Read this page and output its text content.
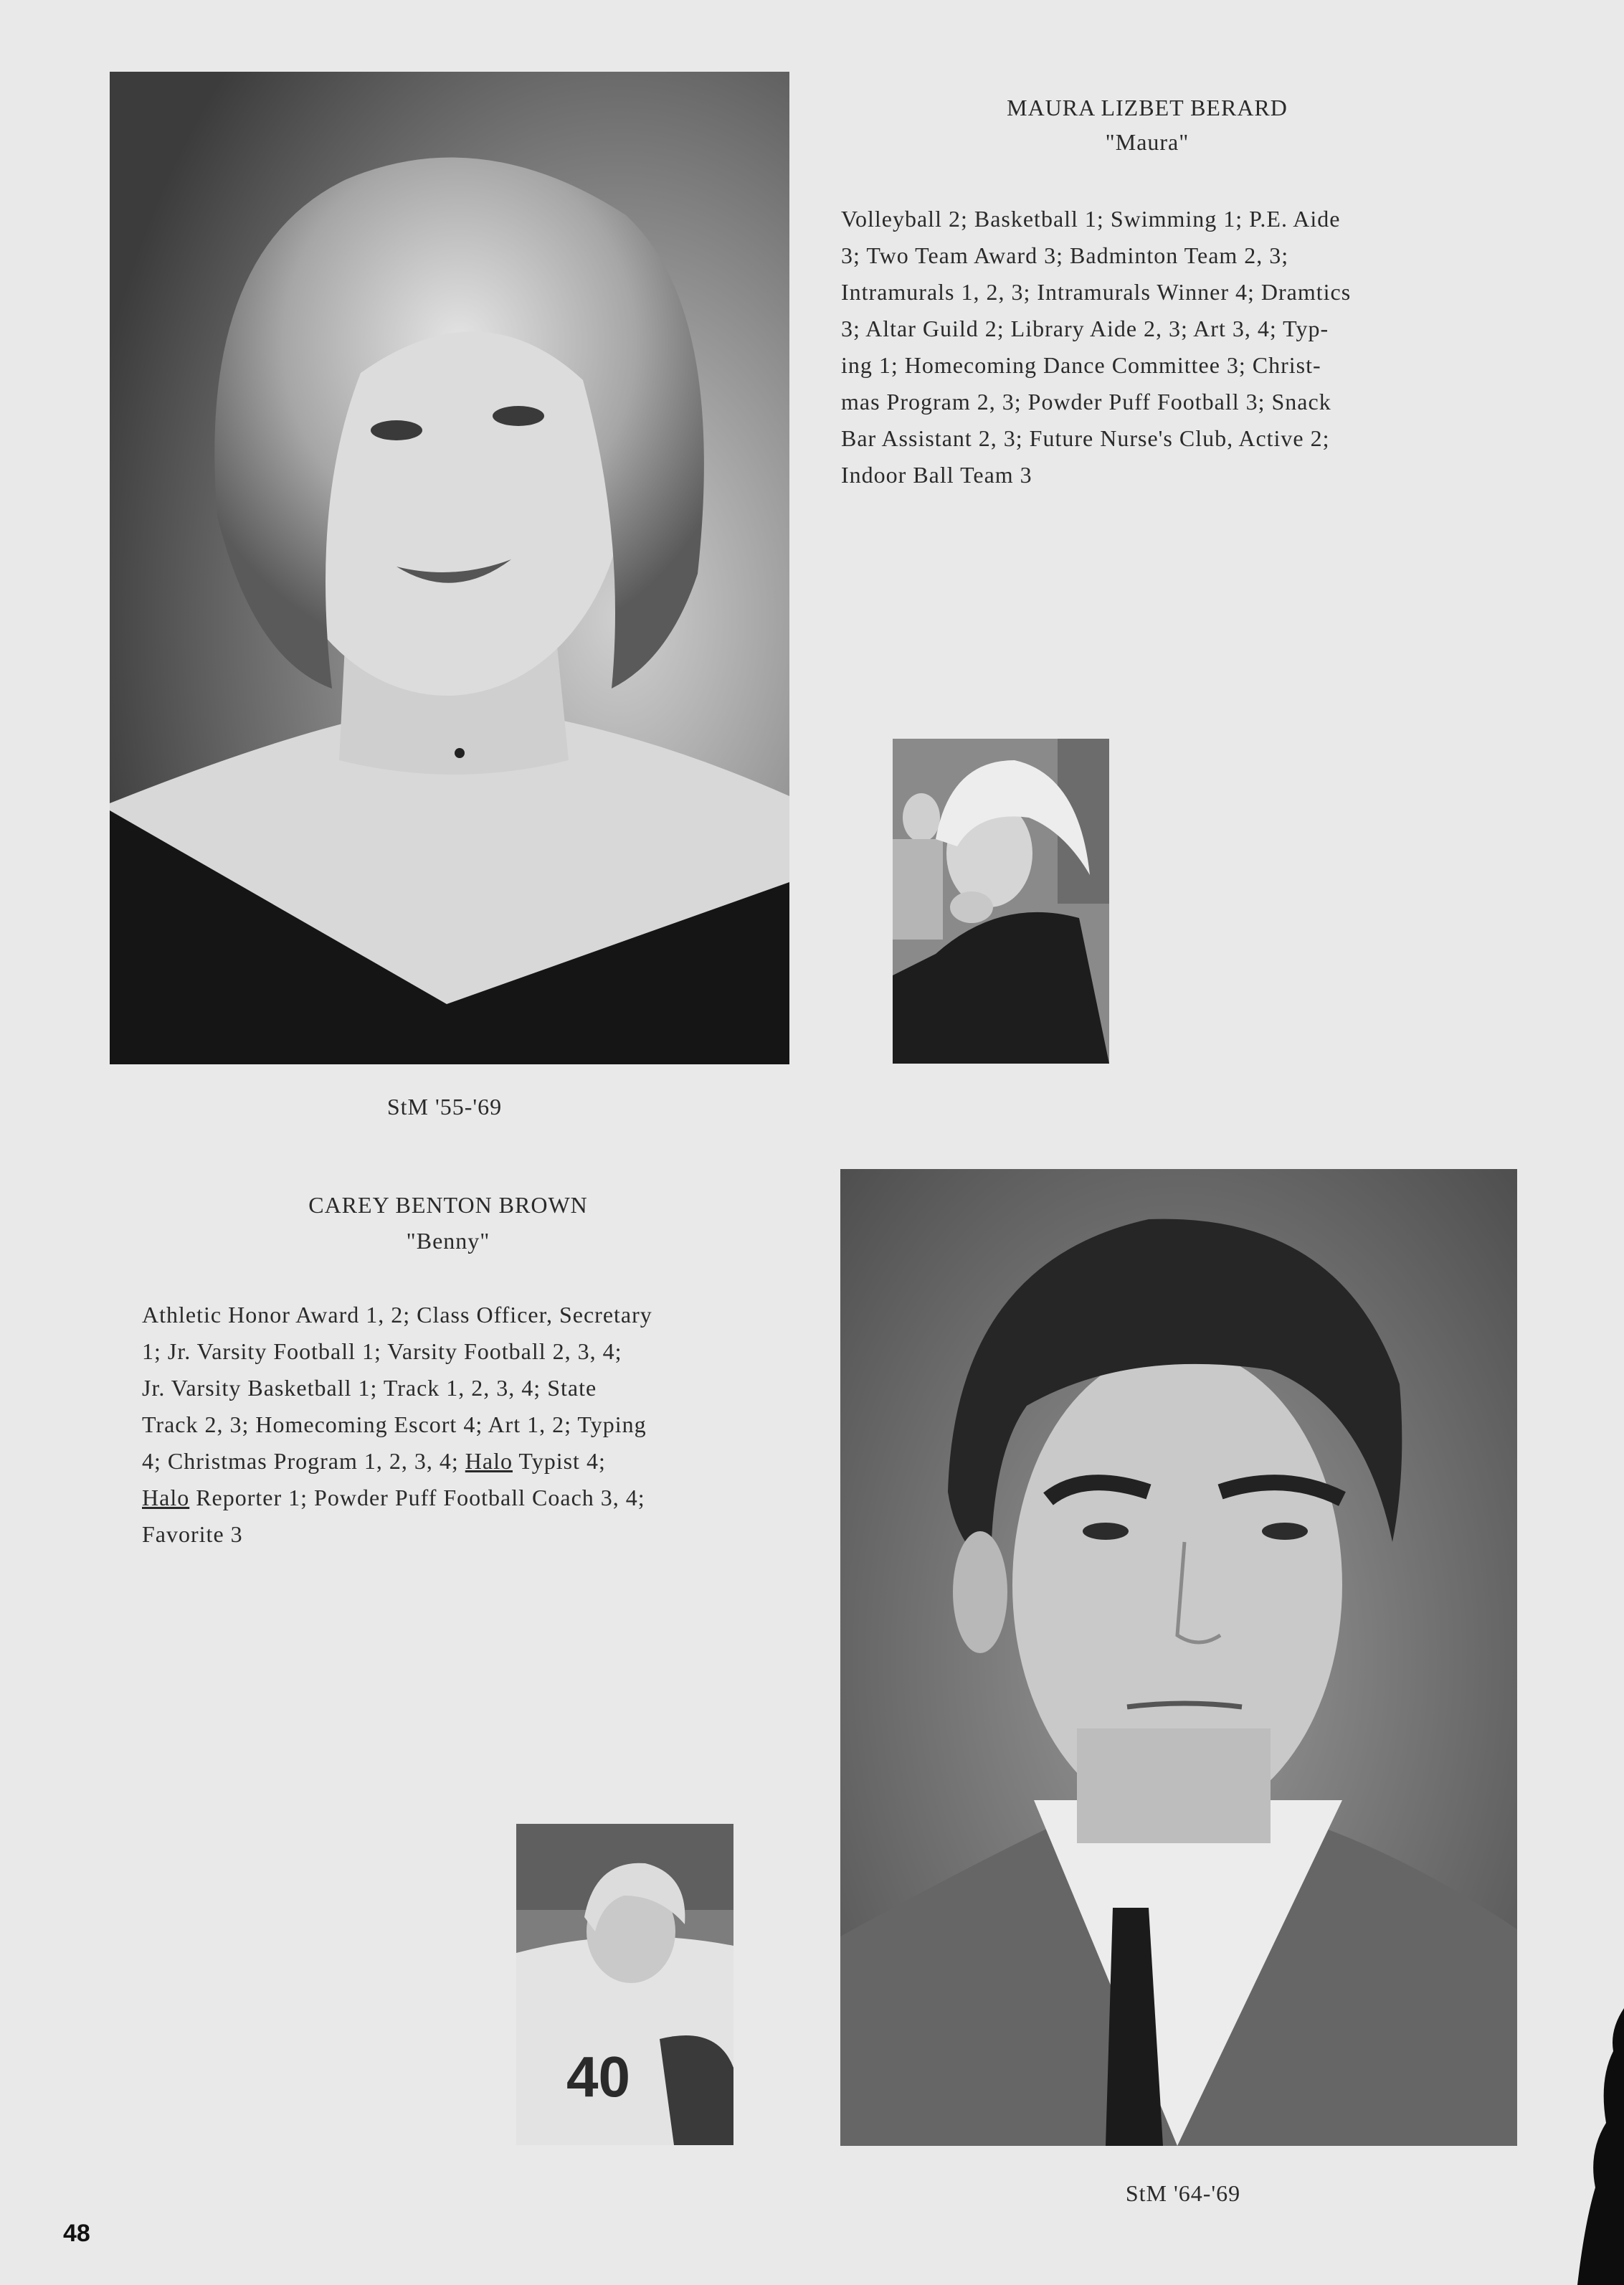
MAURA LIZBET BERARD
"Maura"
Volleyball 2; Basketball 1; Swimming 1; P.E. Aide
3; Two Team Award 3; Badminton Team 2, 3;
Intramurals 1, 2, 3; Intramurals Winner 4; Dramtics
3; Altar Guild 2; Library Aide 2, 3; Art 3, 4; Typ-
ing 1; Homecoming Dance Committee 3; Christ-
mas Program 2, 3; Powder Puff Football 3; Snack
Bar Assistant 2, 3; Future Nurse's Club, Active 2;
Indoor Ball Team 3
StM '55-'69
CAREY BENTON BROWN
"Benny"
Athletic Honor Award 1, 2; Class Officer, Secretary
1; Jr. Varsity Football 1; Varsity Football 2, 3, 4;
Jr. Varsity Basketball 1; Track 1, 2, 3, 4; State
Track 2, 3; Homecoming Escort 4; Art 1, 2; Typing
4; Christmas Program 1, 2, 3, 4; Halo Typist 4;
Halo Reporter 1; Powder Puff Football Coach 3, 4;
Favorite 3
40
StM '64-'69
48
